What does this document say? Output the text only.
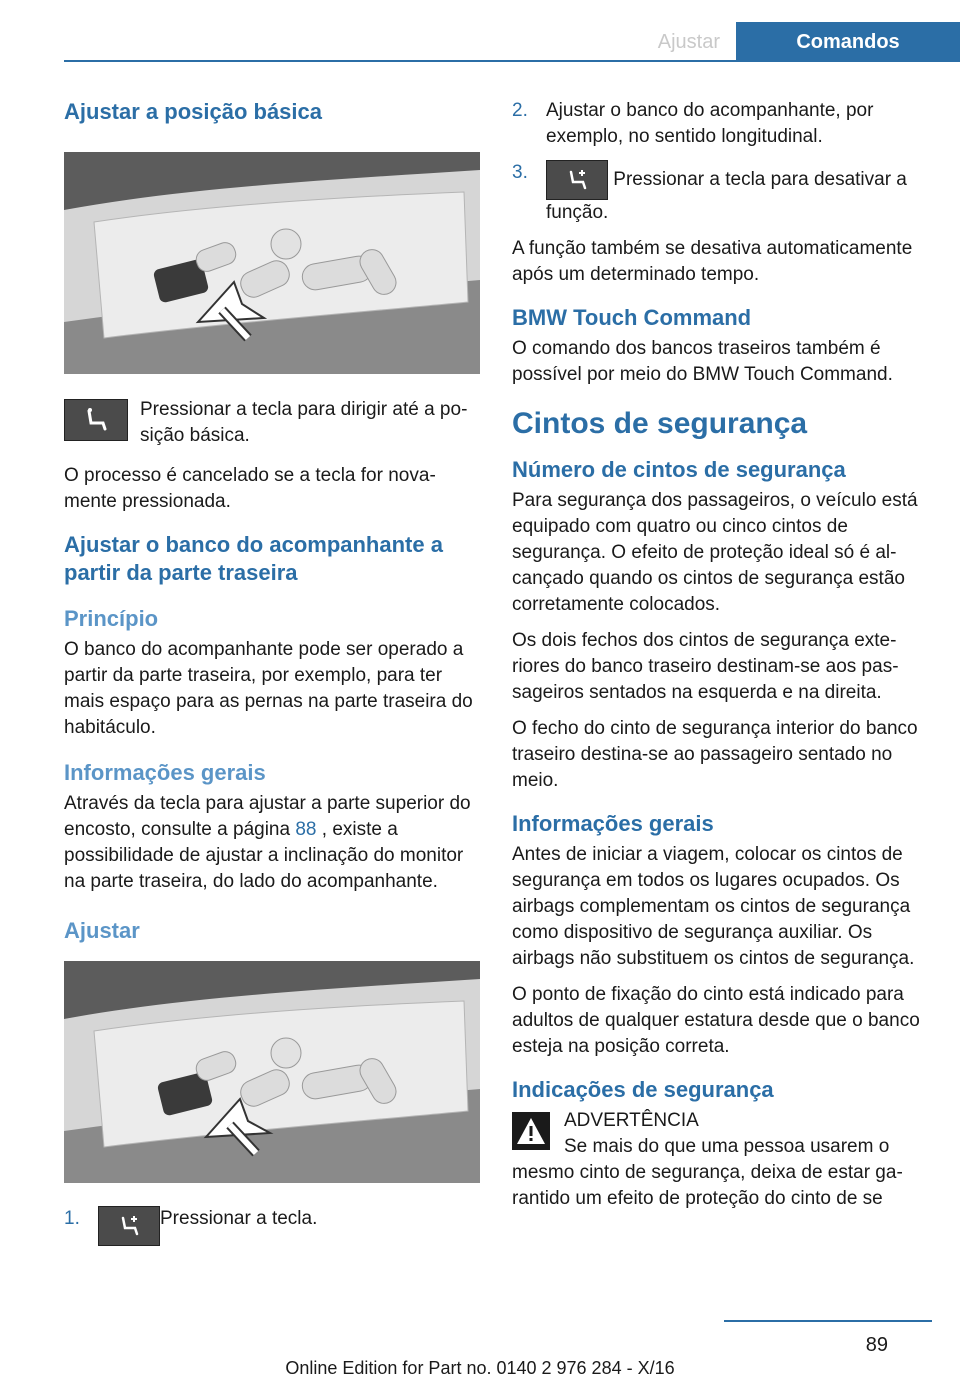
Ajustar	Comandos
Ajustar a posição básica

Pressionar a tecla para dirigir até a posição básica.

O processo é cancelado se a tecla for novamente pressionada.

Ajustar o banco do acompanhante a partir da parte traseira
Princípio

O banco do acompanhante pode ser operado a partir da parte traseira, por exemplo, para ter mais espaço para as pernas na parte traseira do habitáculo.

Informações gerais

Através da tecla para ajustar a parte superior do encosto, consulte a página 88 , existe a possibilidade de ajustar a inclinação do monitor na parte traseira, do lado do acompanhante.

Ajustar
1.	Pressionar a tecla.
2. Ajustar o banco do acompanhante, por exemplo, no sentido longitudinal.
3.	Pressionar a tecla para desativar a função.

A função também se desativa automaticamente após um determinado tempo.

BMW Touch Command

O comando dos bancos traseiros também é possível por meio do BMW Touch Command.

Cintos de segurança
Número de cintos de segurança

Para segurança dos passageiros, o veículo está equipado com quatro ou cinco cintos de segurança. O efeito de proteção ideal só é alcançado quando os cintos de segurança estão corretamente colocados.

Os dois fechos dos cintos de segurança exteriores do banco traseiro destinam-se aos passageiros sentados na esquerda e na direita.

O fecho do cinto de segurança interior do banco traseiro destina-se ao passageiro sentado no meio.

Informações gerais

Antes de iniciar a viagem, colocar os cintos de segurança em todos os lugares ocupados. Os airbags complementam os cintos de segurança como dispositivo de segurança auxiliar. Os airbags não substituem os cintos de segurança.

O ponto de fixação do cinto está indicado para adultos de qualquer estatura desde que o banco esteja na posição correta.

Indicações de segurança
ADVERTÊNCIA
Se mais do que uma pessoa usarem o

mesmo cinto de segurança, deixa de estar garantido um efeito de proteção do cinto de se

89
Online Edition for Part no. 0140 2 976 284 - X/16
